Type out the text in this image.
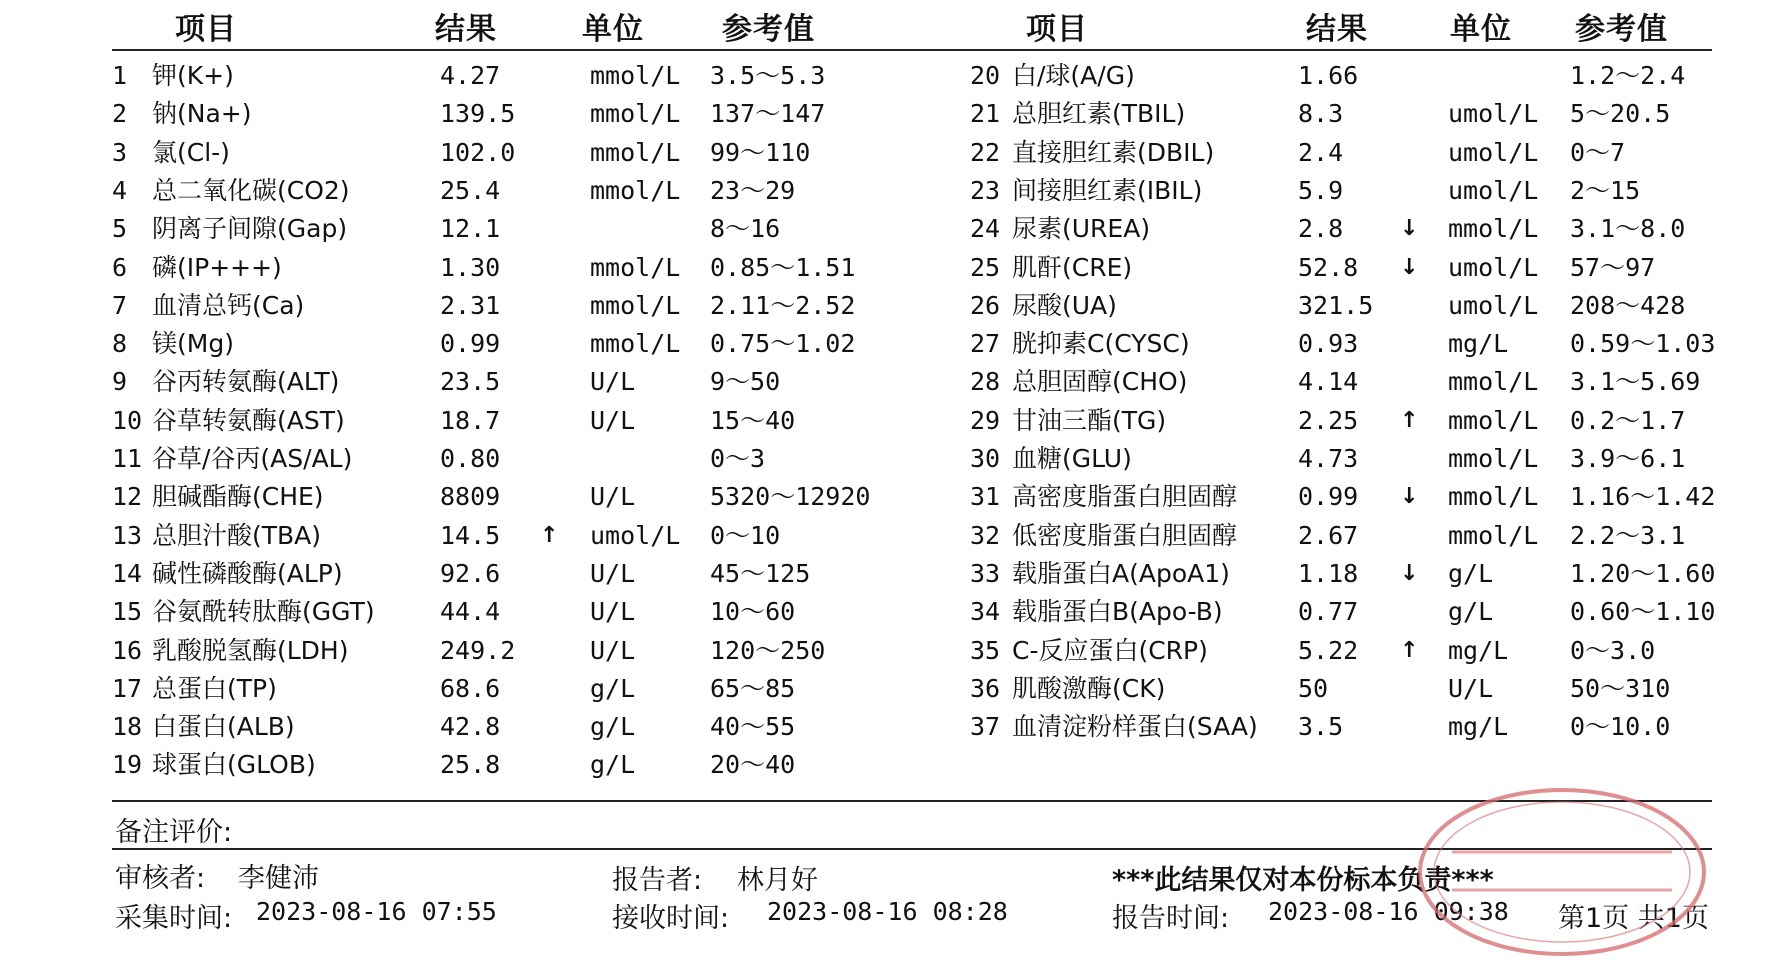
项目	结果	单位	参考值	项目	结果	单位 参考值
1 钾(K+)	4.27	mmol/L 3.5～5.3
2 钠(Na+)	139.5	mmol/L 137～147
3 氯(Cl-)	102.0	mmol/L 99～110
4 总二氧化碳(CO2)	25.4	mmol/L 23～29
5 阴离子间隙(Gap)	12.1	8～16
6 磷(IP+++)	1.30	mmol/L 0.85～1.51
7 血清总钙(Ca)	2.31	mmol/L 2.11～2.52
8 镁(Mg)	0.99	mmol/L 0.75～1.02
9 谷丙转氨酶(ALT)	23.5	U/L	9～50
10 谷草转氨酶(AST)	18.7	U/L	15～40
11 谷草/谷丙(AS/AL)	0.80	0～3
12 胆碱酯酶(CHE)	8809	U/L	5320～12920
13 总胆汁酸(TBA)	14.5 ↑ umol/L 0～10
14 碱性磷酸酶(ALP)	92.6	U/L	45～125
15 谷氨酰转肽酶(GGT)	44.4	U/L	10～60
16 乳酸脱氢酶(LDH)	249.2	U/L	120～250
17 总蛋白(TP)	68.6	g/L	65～85
18 白蛋白(ALB)	42.8	g/L	40～55
19 球蛋白(GLOB)	25.8	g/L	20～40
20 白/球(A/G)	1.66	1.2～2.4
21 总胆红素(TBIL)	8.3	umol/L 5～20.5
22 直接胆红素(DBIL)	2.4	umol/L 0～7
23 间接胆红素(IBIL)	5.9	umol/L 2～15
24 尿素(UREA)	2.8	↓ mmol/L 3.1～8.0
25 肌酐(CRE)	52.8 ↓ umol/L 57～97
26 尿酸(UA)	321.5	umol/L 208～428
27 胱抑素C(CYSC)	0.93	mg/L 0.59～1.03
28 总胆固醇(CHO)	4.14	mmol/L 3.1～5.69
29 甘油三酯(TG)	2.25 ↑ mmol/L 0.2～1.7
30 血糖(GLU)	4.73	mmol/L 3.9～6.1
31 高密度脂蛋白胆固醇 0.99 ↓ mmol/L 1.16～1.42
32 低密度脂蛋白胆固醇 2.67	mmol/L 2.2～3.1
33 载脂蛋白A(ApoA1)	1.18 ↓ g/L	1.20～1.60
34 载脂蛋白B(Apo-B)	0.77	g/L	0.60～1.10
35 C-反应蛋白(CRP)	5.22 ↑ mg/L 0～3.0
36 肌酸激酶(CK)	50	U/L	50～310
37 血清淀粉样蛋白(SAA) 3.5	mg/L 0～10.0
备注评价:
审核者: 李健沛	报告者: 林月好	***此结果仅对本份标本负责***
采集时间: 2023-08-16 07:55	接收时间: 2023-08-16 08:28	报告时间: 2023-08-16 09:38 第1页 共1页
